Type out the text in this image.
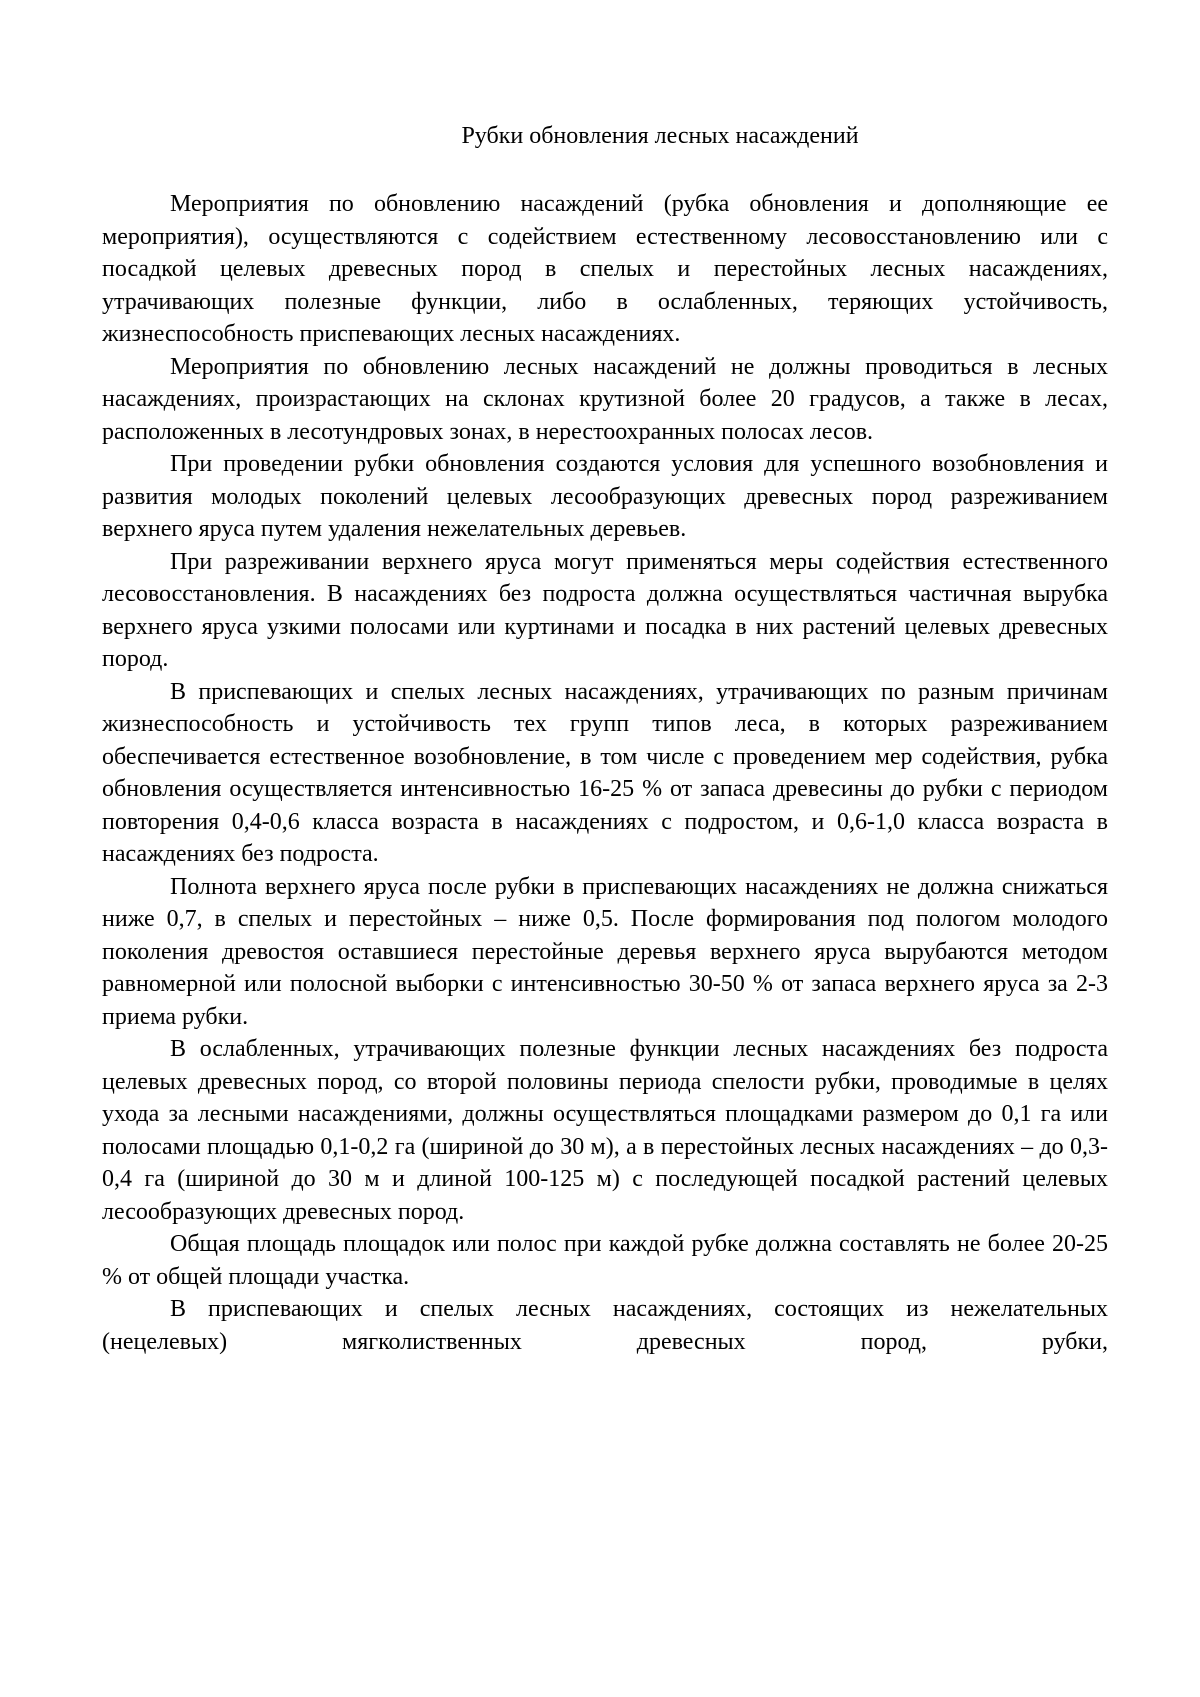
Рубки обновления лесных насаждений

Мероприятия по обновлению насаждений (рубка обновления и дополняющие ее мероприятия), осуществляются с содействием естественному лесовосстановлению или с посадкой целевых древесных пород в спелых и перестойных лесных насаждениях, утрачивающих полезные функции, либо в ослабленных, теряющих устойчивость, жизнеспособность приспевающих лесных насаждениях.

Мероприятия по обновлению лесных насаждений не должны проводиться в лесных насаждениях, произрастающих на склонах крутизной более 20 градусов, а также в лесах, расположенных в лесотундровых зонах, в нерестоохранных полосах лесов.

При проведении рубки обновления создаются условия для успешного возобновления и развития молодых поколений целевых лесообразующих древесных пород разреживанием верхнего яруса путем удаления нежелательных деревьев.

При разреживании верхнего яруса могут применяться меры содействия естественного лесовосстановления. В насаждениях без подроста должна осуществляться частичная вырубка верхнего яруса узкими полосами или куртинами и посадка в них растений целевых древесных пород.

В приспевающих и спелых лесных насаждениях, утрачивающих по разным причинам жизнеспособность и устойчивость тех групп типов леса, в которых разреживанием обеспечивается естественное возобновление, в том числе с проведением мер содействия, рубка обновления осуществляется интенсивностью 16-25 % от запаса древесины до рубки с периодом повторения 0,4-0,6 класса возраста в насаждениях с подростом, и 0,6-1,0 класса возраста в насаждениях без подроста.

Полнота верхнего яруса после рубки в приспевающих насаждениях не должна снижаться ниже 0,7, в спелых и перестойных – ниже 0,5. После формирования под пологом молодого поколения древостоя оставшиеся перестойные деревья верхнего яруса вырубаются методом равномерной или полосной выборки с интенсивностью 30-50 % от запаса верхнего яруса за 2-3 приема рубки.

В ослабленных, утрачивающих полезные функции лесных насаждениях без подроста целевых древесных пород, со второй половины периода спелости рубки, проводимые в целях ухода за лесными насаждениями, должны осуществляться площадками размером до 0,1 га или полосами площадью 0,1-0,2 га (шириной до 30 м), а в перестойных лесных насаждениях – до 0,3-0,4 га (шириной до 30 м и длиной 100-125 м) с последующей посадкой растений целевых лесообразующих древесных пород.

Общая площадь площадок или полос при каждой рубке должна составлять не более 20-25 % от общей площади участка.

В приспевающих и спелых лесных насаждениях, состоящих из нежелательных (нецелевых) мягколиственных древесных пород, рубки,
